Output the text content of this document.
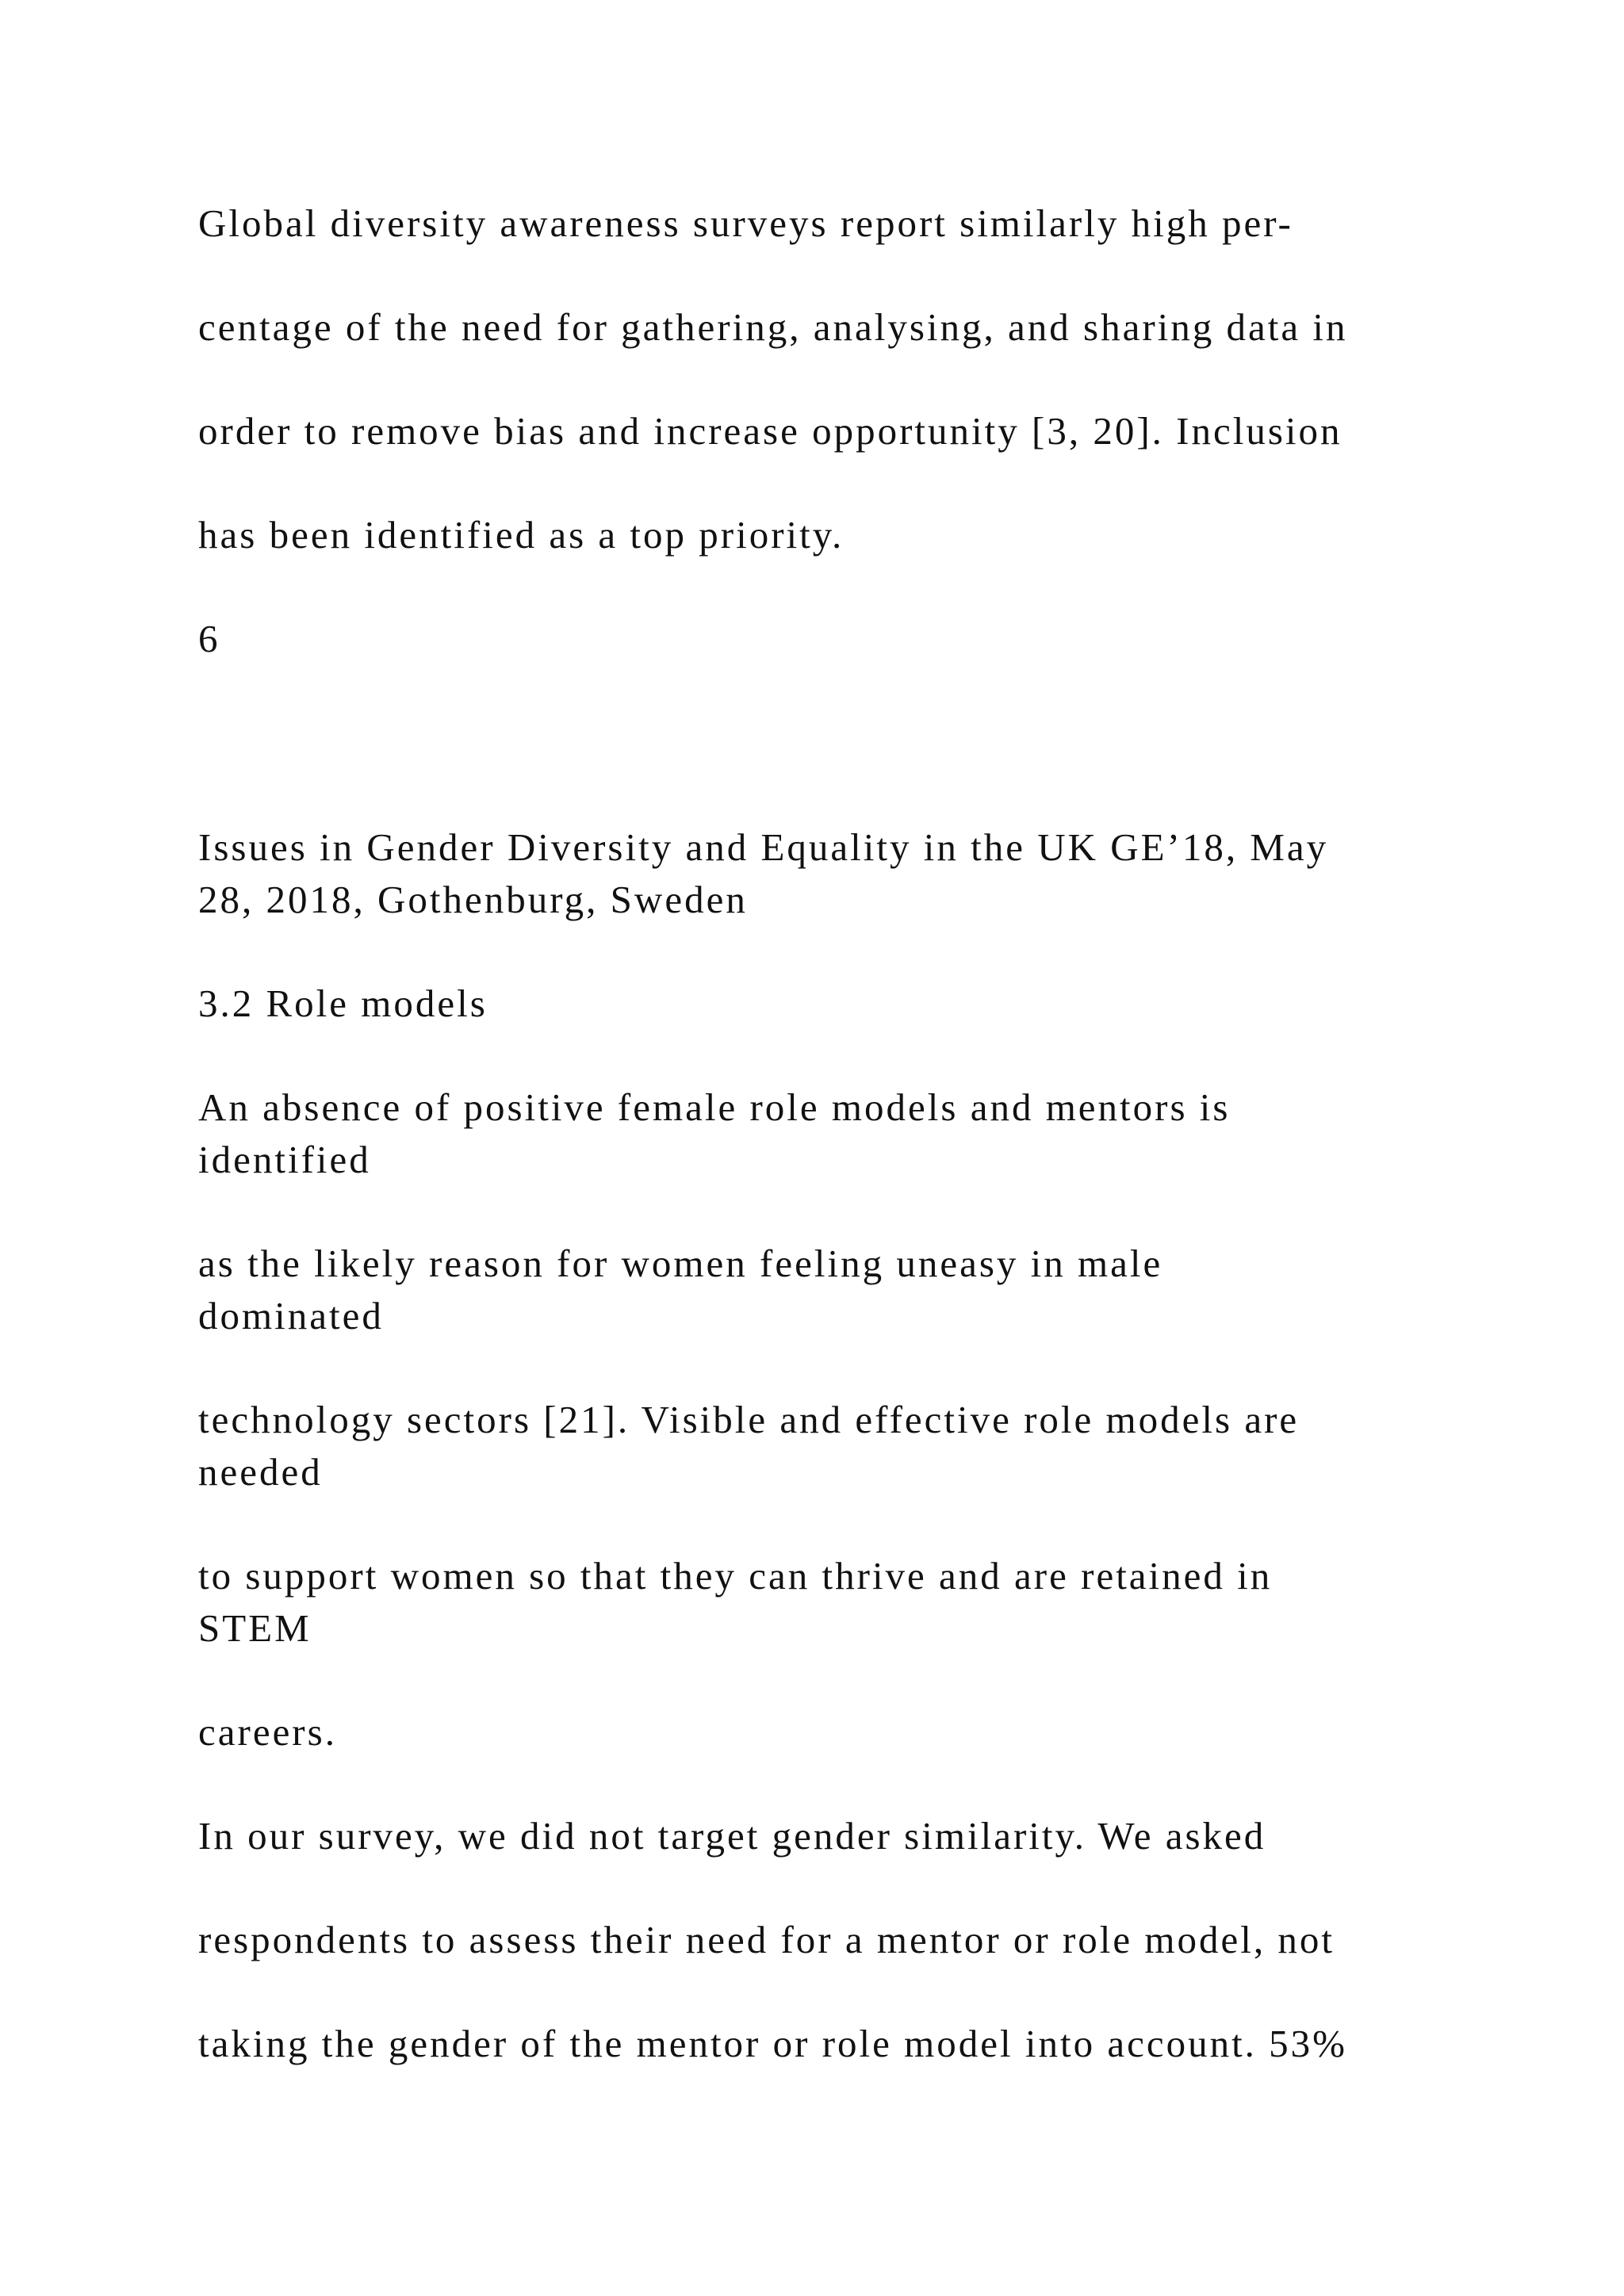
Global diversity awareness surveys report similarly high per-

centage of the need for gathering, analysing, and sharing data in

order to remove bias and increase opportunity [3, 20]. Inclusion

has been identified as a top priority.

6

Issues in Gender Diversity and Equality in the UK GE’18, May

28, 2018, Gothenburg, Sweden

3.2 Role models

An absence of positive female role models and mentors is

identified

as the likely reason for women feeling uneasy in male

dominated

technology sectors [21]. Visible and effective role models are

needed

to support women so that they can thrive and are retained in

STEM

careers.

In our survey, we did not target gender similarity. We asked

respondents to assess their need for a mentor or role model, not

taking the gender of the mentor or role model into account. 53%
